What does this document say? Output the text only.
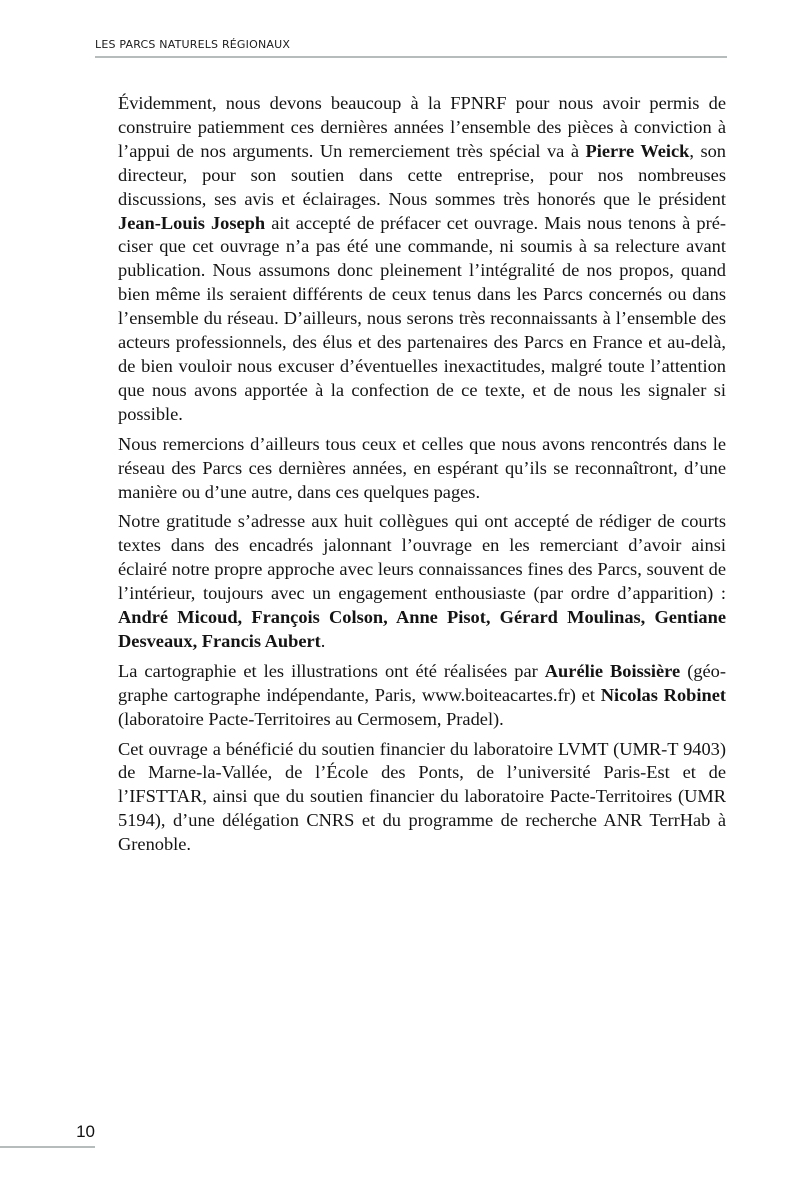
LES PARCS NATURELS RÉGIONAUX

Évidemment, nous devons beaucoup à la FPNRF pour nous avoir permis de construire patiemment ces dernières années l’ensemble des pièces à conviction à l’appui de nos arguments. Un remerciement très spécial va à Pierre Weick, son directeur, pour son soutien dans cette entreprise, pour nos nombreuses discussions, ses avis et éclairages. Nous sommes très honorés que le président Jean-Louis Joseph ait accepté de préfacer cet ouvrage. Mais nous tenons à préciser que cet ouvrage n’a pas été une commande, ni soumis à sa relecture avant publication. Nous assumons donc pleinement l’intégralité de nos propos, quand bien même ils seraient différents de ceux tenus dans les Parcs concernés ou dans l’ensemble du réseau. D’ailleurs, nous serons très reconnaissants à l’ensemble des acteurs professionnels, des élus et des partenaires des Parcs en France et au-delà, de bien vouloir nous excuser d’éventuelles inexactitudes, malgré toute l’attention que nous avons apportée à la confection de ce texte, et de nous les signaler si possible.

Nous remercions d’ailleurs tous ceux et celles que nous avons rencontrés dans le réseau des Parcs ces dernières années, en espérant qu’ils se reconnaîtront, d’une manière ou d’une autre, dans ces quelques pages.

Notre gratitude s’adresse aux huit collègues qui ont accepté de rédiger de courts textes dans des encadrés jalonnant l’ouvrage en les remerciant d’avoir ainsi éclairé notre propre approche avec leurs connaissances fines des Parcs, souvent de l’intérieur, toujours avec un engagement enthousiaste (par ordre d’apparition) : André Micoud, François Colson, Anne Pisot, Gérard Moulinas, Gentiane Desveaux, Francis Aubert.

La cartographie et les illustrations ont été réalisées par Aurélie Boissière (géographe cartographe indépendante, Paris, www.boiteacartes.fr) et Nicolas Robinet (laboratoire Pacte-Territoires au Cermosem, Pradel).

Cet ouvrage a bénéficié du soutien financier du laboratoire LVMT (UMR-T 9403) de Marne-la-Vallée, de l’École des Ponts, de l’université Paris-Est et de l’IFSTTAR, ainsi que du soutien financier du laboratoire Pacte-Territoires (UMR 5194), d’une délégation CNRS et du programme de recherche ANR TerrHab à Grenoble.

10
